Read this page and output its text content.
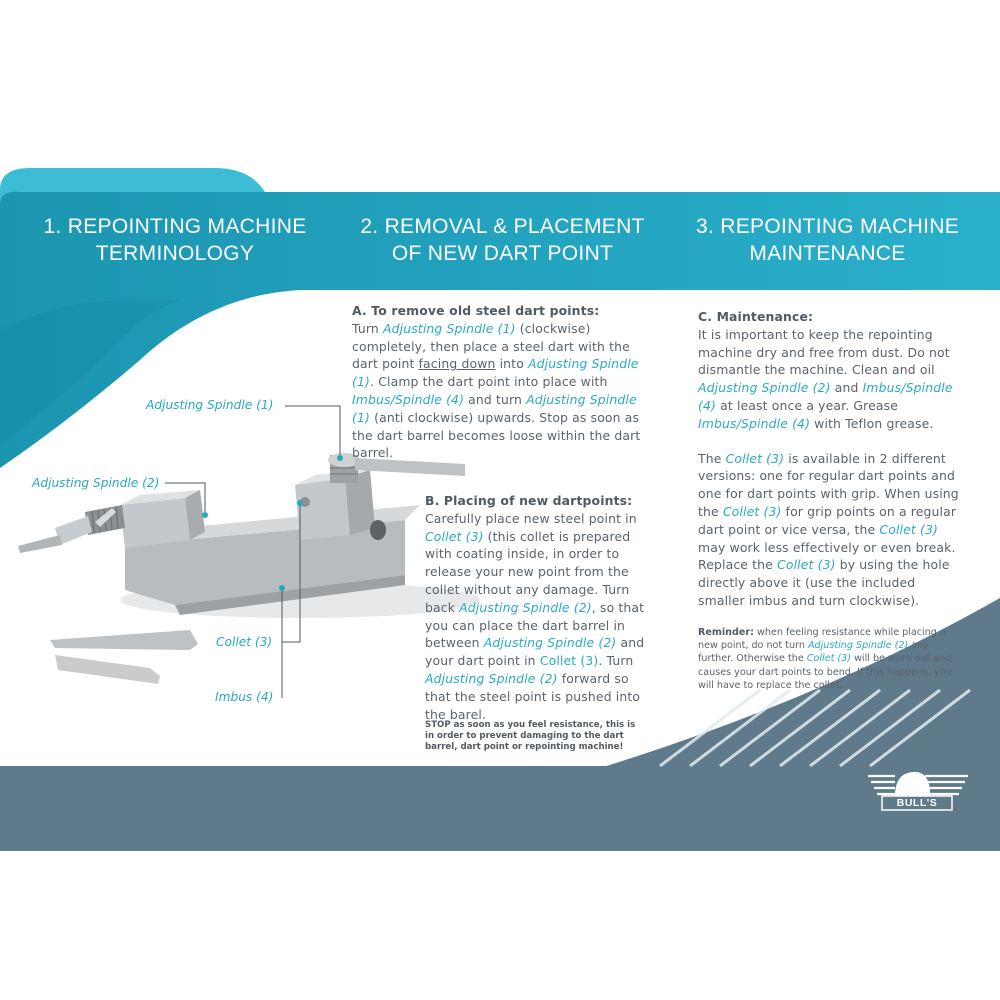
BULL'S
1. REPOINTING MACHINE
TERMINOLOGY
2. REMOVAL & PLACEMENT
OF NEW DART POINT
3. REPOINTING MACHINE
MAINTENANCE
Adjusting Spindle (1)
Adjusting Spindle (2)
Collet (3)
Imbus (4)
A. To remove old steel dart points:

Turn Adjusting Spindle (1) (clockwise) completely, then place a steel dart with the dart point facing down into Adjusting Spindle (1). Clamp the dart point into place with Imbus/Spindle (4) and turn Adjusting Spindle (1) (anti clockwise) upwards. Stop as soon as the dart barrel becomes loose within the dart barrel.

B. Placing of new dartpoints:

Carefully place new steel point in Collet (3) (this collet is prepared with coating inside, in order to release your new point from the collet without any damage. Turn back Adjusting Spindle (2), so that you can place the dart barrel in between Adjusting Spindle (2) and your dart point in Collet (3). Turn Adjusting Spindle (2) forward so that the steel point is pushed into the barel.

STOP as soon as you feel resistance, this is in order to prevent damaging to the dart barrel, dart point or repointing machine!
C. Maintenance:

It is important to keep the repointing machine dry and free from dust. Do not dismantle the machine. Clean and oil Adjusting Spindle (2) and Imbus/Spindle (4) at least once a year. Grease Imbus/Spindle (4) with Teflon grease.

The Collet (3) is available in 2 different versions: one for regular dart points and one for dart points with grip. When using the Collet (3) for grip points on a regular dart point or vice versa, the Collet (3) may work less effectively or even break. Replace the Collet (3) by using the hole directly above it (use the included smaller imbus and turn clockwise).

Reminder: when feeling resistance while placing a new point, do not turn Adjusting Spindle (2) any further. Otherwise the Collet (3) will be worn out and causes your dart points to bend. If this happens, you will have to replace the collet.
